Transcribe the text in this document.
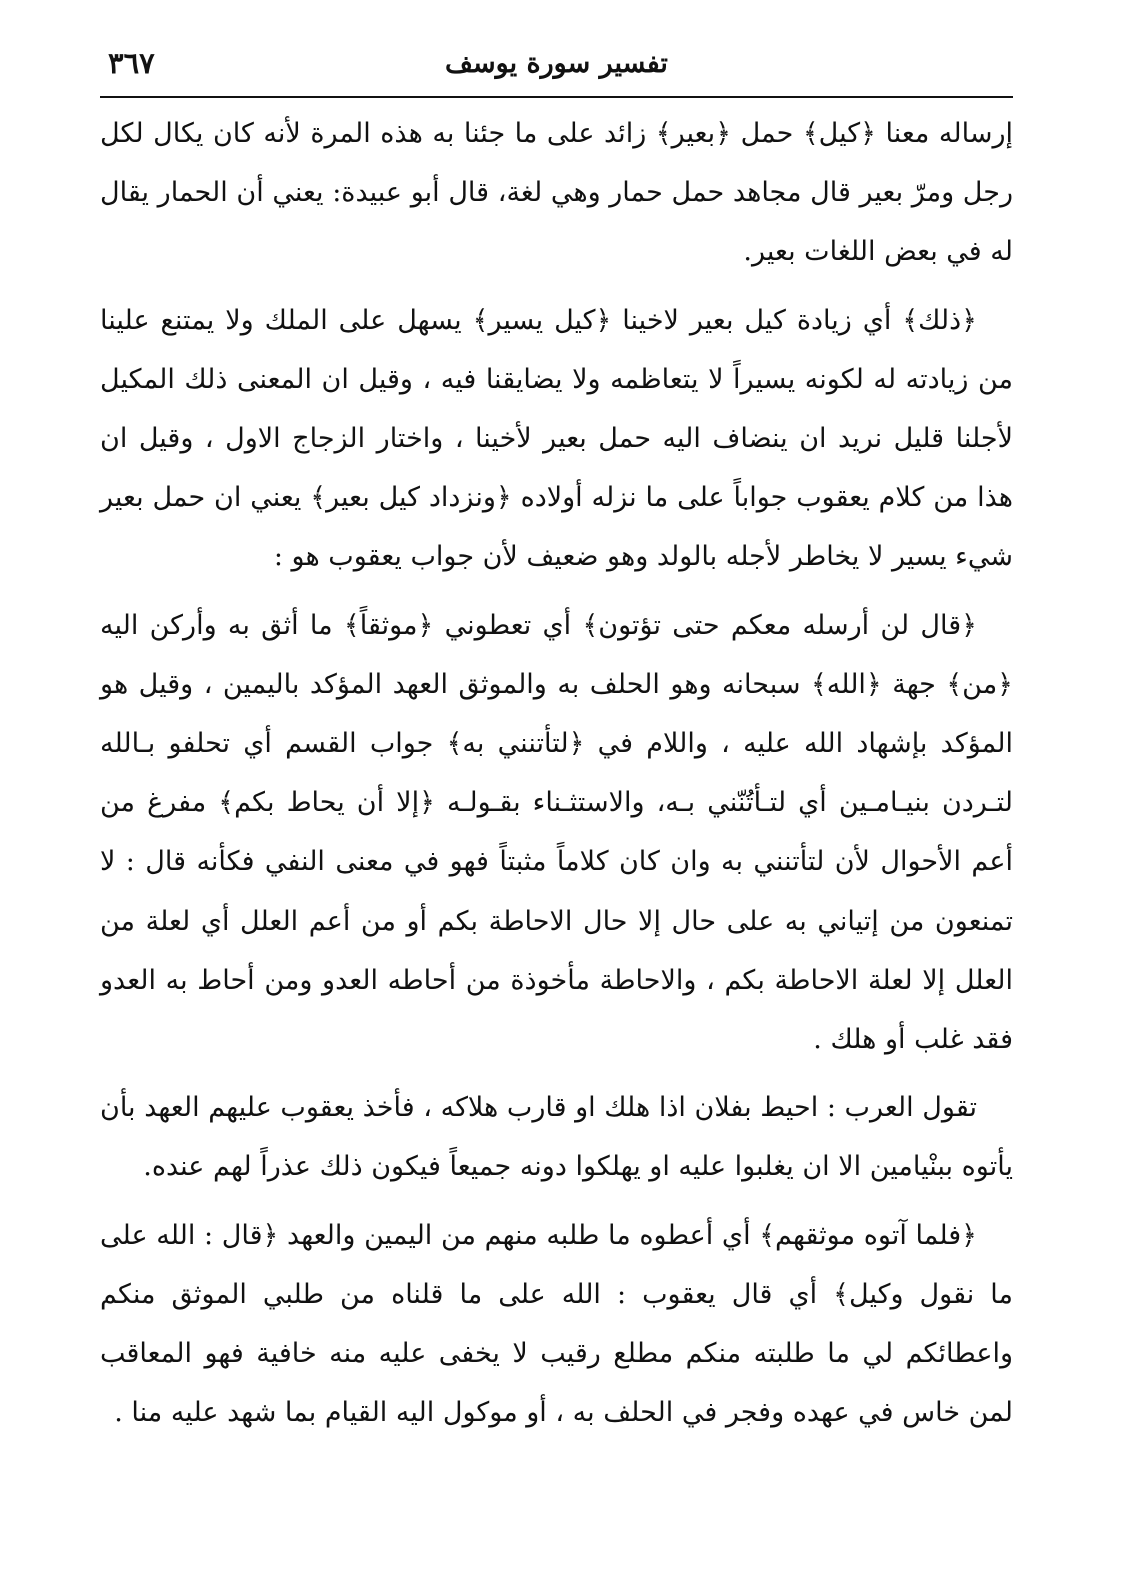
تفسير سورة يوسف
٣٦٧

إرساله معنا ﴿كيل﴾ حمل ﴿بعير﴾ زائد على ما جئنا به هذه المرة لأنه كان يكال لكل رجل ومرّ بعير قال مجاهد حمل حمار وهي لغة، قال أبو عبيدة: يعني أن الحمار يقال له في بعض اللغات بعير.

﴿ذلك﴾ أي زيادة كيل بعير لاخينا ﴿كيل يسير﴾ يسهل على الملك ولا يمتنع علينا من زيادته له لكونه يسيراً لا يتعاظمه ولا يضايقنا فيه ، وقيل ان المعنى ذلك المكيل لأجلنا قليل نريد ان ينضاف اليه حمل بعير لأخينا ، واختار الزجاج الاول ، وقيل ان هذا من كلام يعقوب جواباً على ما نزله أولاده ﴿ونزداد كيل بعير﴾ يعني ان حمل بعير شيء يسير لا يخاطر لأجله بالولد وهو ضعيف لأن جواب يعقوب هو :

﴿قال لن أرسله معكم حتى تؤتون﴾ أي تعطوني ﴿موثقاً﴾ ما أثق به وأركن اليه ﴿من﴾ جهة ﴿الله﴾ سبحانه وهو الحلف به والموثق العهد المؤكد باليمين ، وقيل هو المؤكد بإشهاد الله عليه ، واللام في ﴿لتأتنني به﴾ جواب القسم أي تحلفو بـالله لتـردن بنيـامـين أي لتـأتُنّني بـه، والاستثـناء بقـولـه ﴿إلا أن يحاط بكم﴾ مفرغ من أعم الأحوال لأن لتأتنني به وان كان كلاماً مثبتاً فهو في معنى النفي فكأنه قال : لا تمنعون من إتياني به على حال إلا حال الاحاطة بكم أو من أعم العلل أي لعلة من العلل إلا لعلة الاحاطة بكم ، والاحاطة مأخوذة من أحاطه العدو ومن أحاط به العدو فقد غلب أو هلك .

تقول العرب : احيط بفلان اذا هلك او قارب هلاكه ، فأخذ يعقوب عليهم العهد بأن يأتوه ببنْيامين الا ان يغلبوا عليه او يهلكوا دونه جميعاً فيكون ذلك عذراً لهم عنده.

﴿فلما آتوه موثقهم﴾ أي أعطوه ما طلبه منهم من اليمين والعهد ﴿قال : الله على ما نقول وكيل﴾ أي قال يعقوب : الله على ما قلناه من طلبي الموثق منكم واعطائكم لي ما طلبته منكم مطلع رقيب لا يخفى عليه منه خافية فهو المعاقب لمن خاس في عهده وفجر في الحلف به ، أو موكول اليه القيام بما شهد عليه منا .
